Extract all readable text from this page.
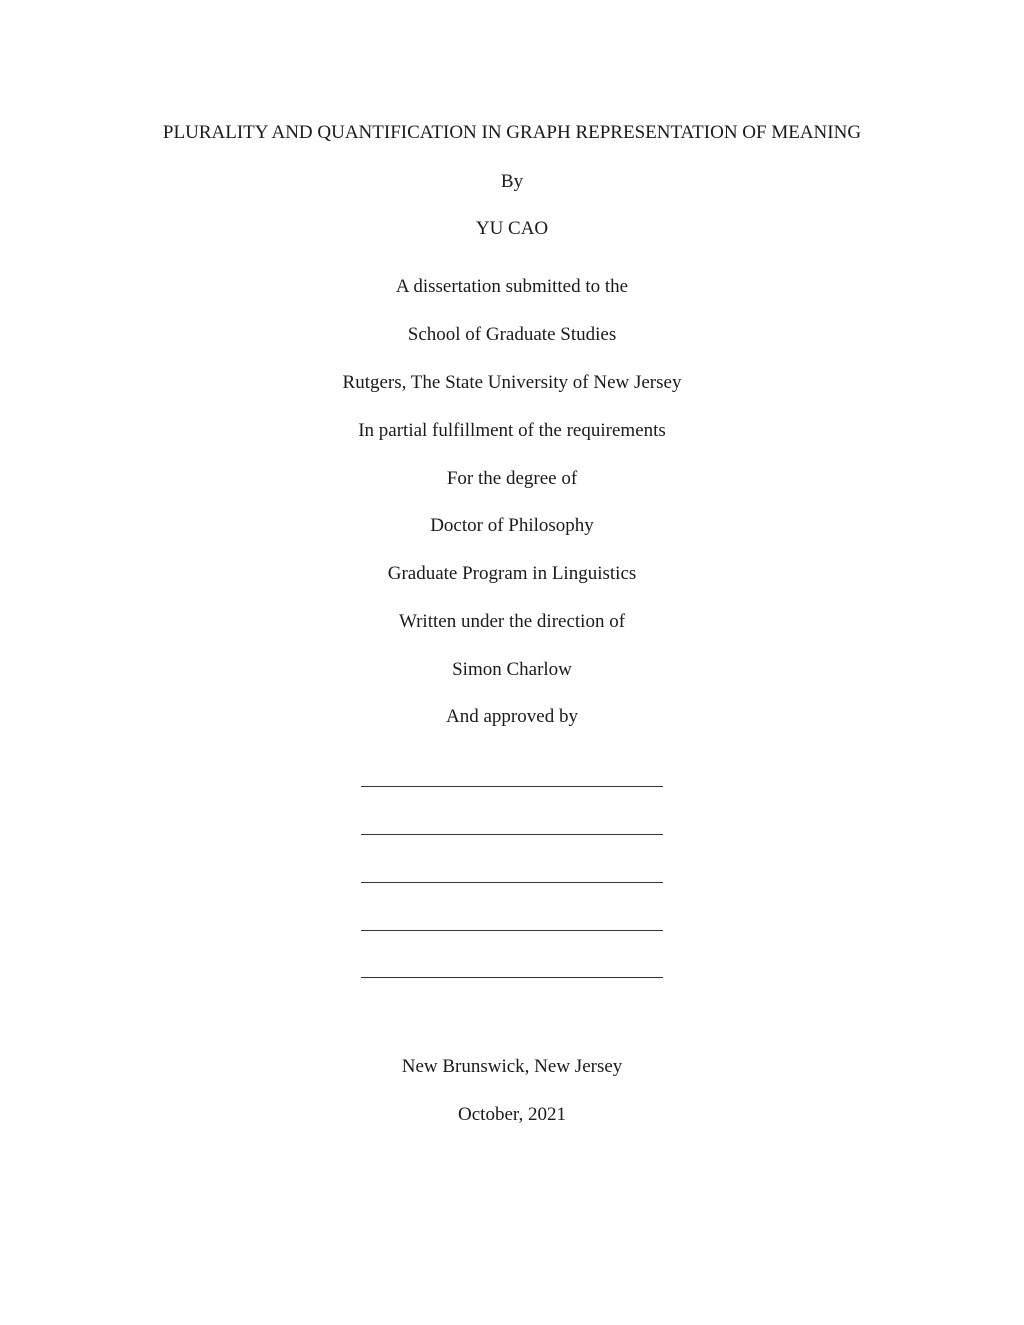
PLURALITY AND QUANTIFICATION IN GRAPH REPRESENTATION OF MEANING
By
YU CAO
A dissertation submitted to the
School of Graduate Studies
Rutgers, The State University of New Jersey
In partial fulfillment of the requirements
For the degree of
Doctor of Philosophy
Graduate Program in Linguistics
Written under the direction of
Simon Charlow
And approved by
New Brunswick, New Jersey
October, 2021
